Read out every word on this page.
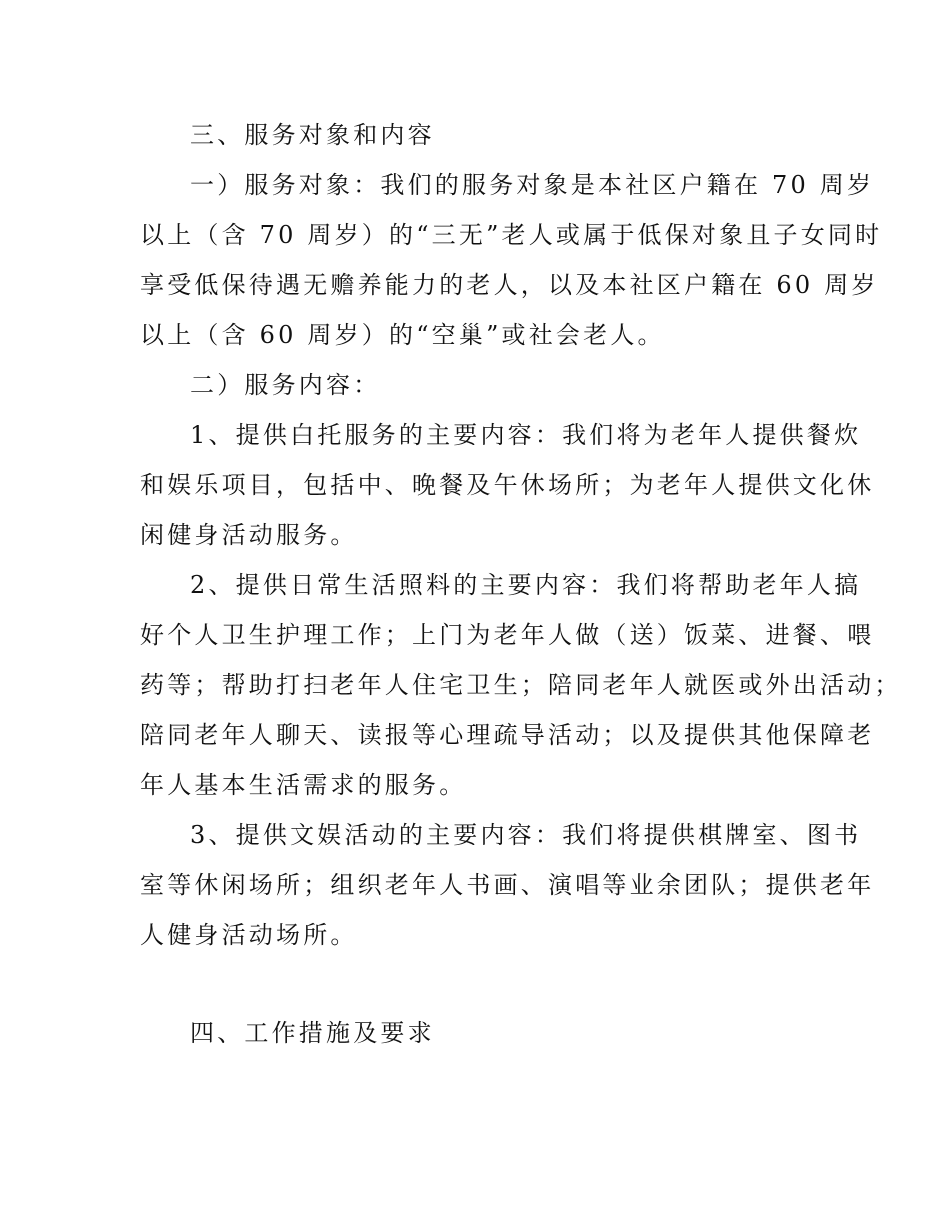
三、服务对象和内容
一）服务对象：我们的服务对象是本社区户籍在 70 周岁
以上（含 70 周岁）的“三无”老人或属于低保对象且子女同时
享受低保待遇无赡养能力的老人，以及本社区户籍在 60 周岁
以上（含 60 周岁）的“空巢”或社会老人。
二）服务内容：
1、提供白托服务的主要内容：我们将为老年人提供餐炊
和娱乐项目，包括中、晚餐及午休场所；为老年人提供文化休
闲健身活动服务。
2、提供日常生活照料的主要内容：我们将帮助老年人搞
好个人卫生护理工作；上门为老年人做（送）饭菜、进餐、喂
药等；帮助打扫老年人住宅卫生；陪同老年人就医或外出活动；
陪同老年人聊天、读报等心理疏导活动；以及提供其他保障老
年人基本生活需求的服务。
3、提供文娱活动的主要内容：我们将提供棋牌室、图书
室等休闲场所；组织老年人书画、演唱等业余团队；提供老年
人健身活动场所。
四、工作措施及要求
